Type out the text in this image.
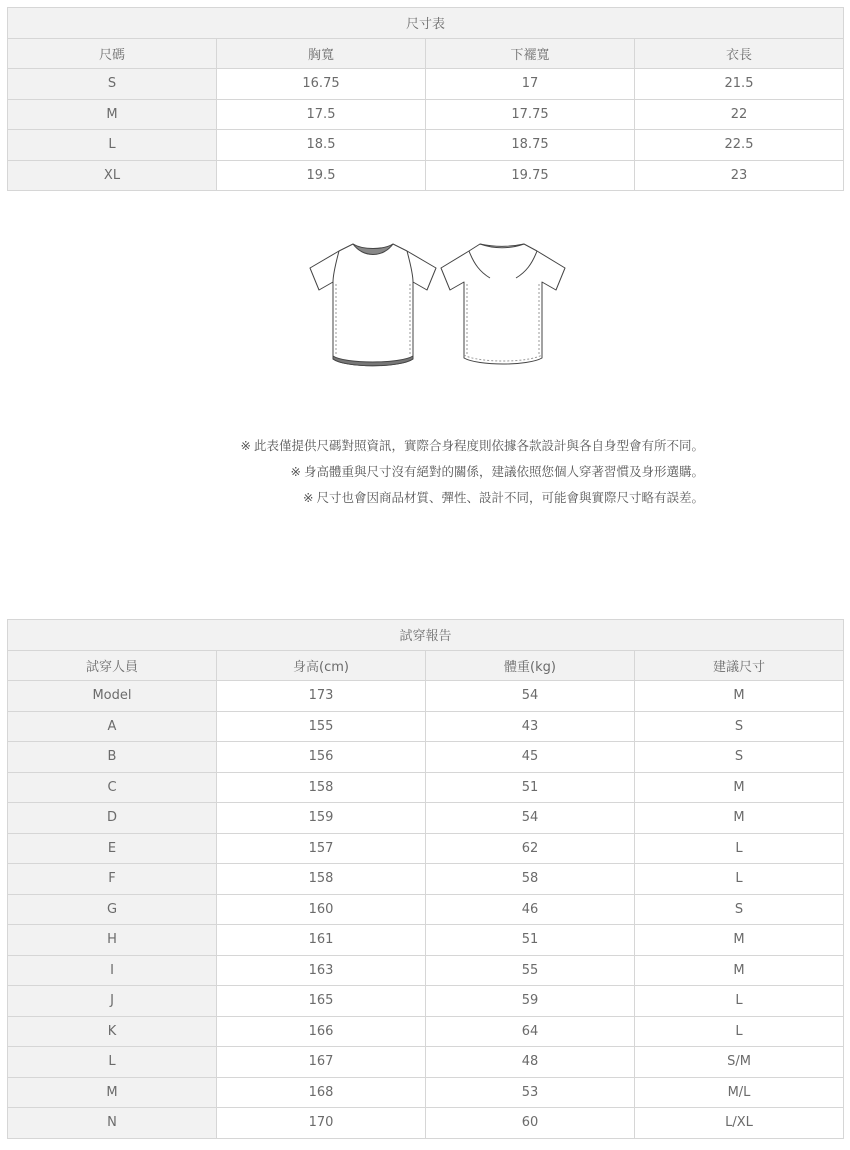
尺寸表			
尺碼	胸寬	下襬寬	衣長
S	16.75	17	21.5
M	17.5	17.75	22
L	18.5	18.75	22.5
XL	19.5	19.75	23
※ 此表僅提供尺碼對照資訊，實際合身程度則依據各款設計與各自身型會有所不同。
※ 身高體重與尺寸沒有絕對的關係，建議依照您個人穿著習慣及身形選購。
※ 尺寸也會因商品材質、彈性、設計不同，可能會與實際尺寸略有誤差。
試穿報告			
試穿人員	身高(cm)	體重(kg)	建議尺寸
Model	173	54	M
A	155	43	S
B	156	45	S
C	158	51	M
D	159	54	M
E	157	62	L
F	158	58	L
G	160	46	S
H	161	51	M
I	163	55	M
J	165	59	L
K	166	64	L
L	167	48	S/M
M	168	53	M/L
N	170	60	L/XL
